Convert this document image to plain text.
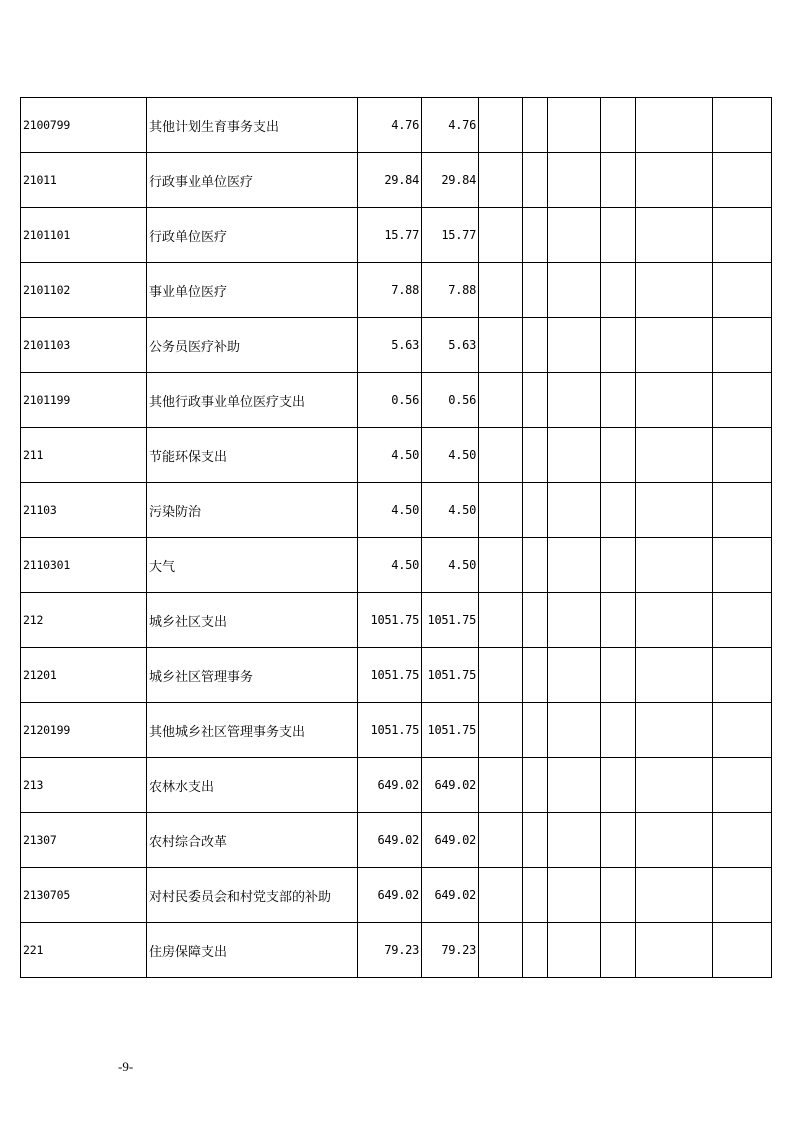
2100799	其他计划生育事务支出	4.76	4.76						
21011	行政事业单位医疗	29.84	29.84						
2101101	行政单位医疗	15.77	15.77						
2101102	事业单位医疗	7.88	7.88						
2101103	公务员医疗补助	5.63	5.63						
2101199	其他行政事业单位医疗支出	0.56	0.56						
211	节能环保支出	4.50	4.50						
21103	污染防治	4.50	4.50						
2110301	大气	4.50	4.50						
212	城乡社区支出	1051.75	1051.75						
21201	城乡社区管理事务	1051.75	1051.75						
2120199	其他城乡社区管理事务支出	1051.75	1051.75						
213	农林水支出	649.02	649.02						
21307	农村综合改革	649.02	649.02						
2130705	对村民委员会和村党支部的补助	649.02	649.02						
221	住房保障支出	79.23	79.23						
-9-
